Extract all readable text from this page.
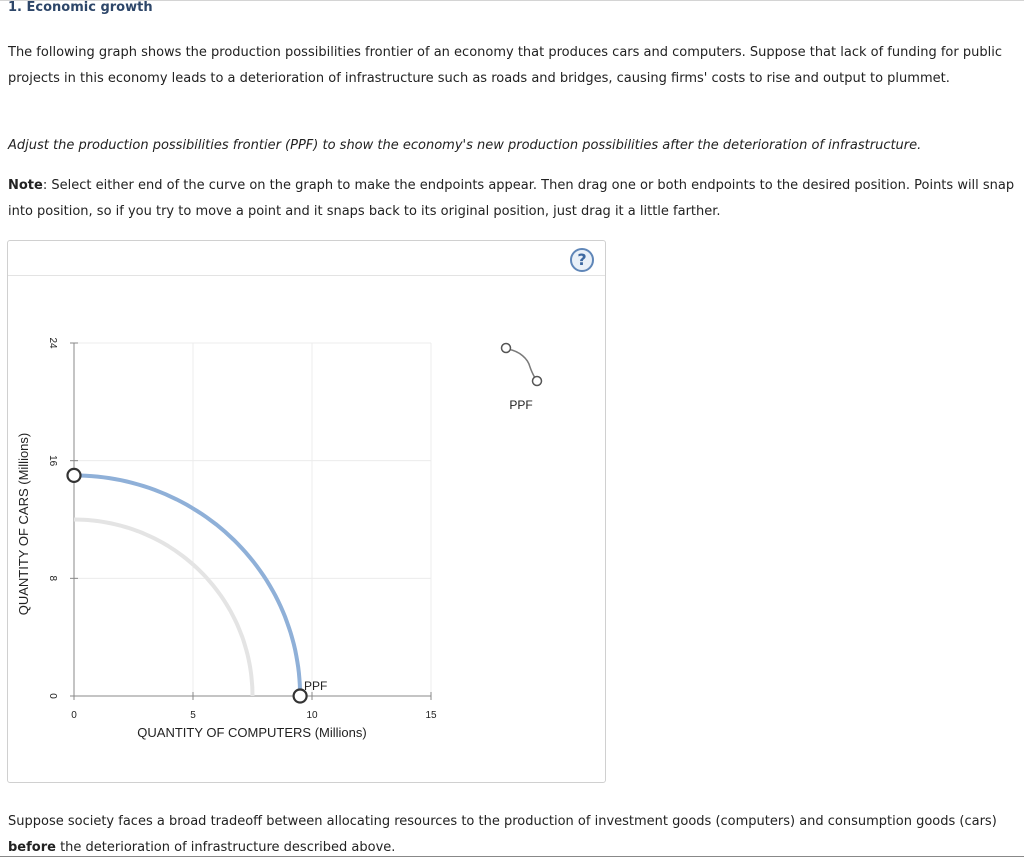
1. Economic growth
The following graph shows the production possibilities frontier of an economy that produces cars and computers. Suppose that lack of funding for public projects in this economy leads to a deterioration of infrastructure such as roads and bridges, causing firms' costs to rise and output to plummet.
Adjust the production possibilities frontier (PPF) to show the economy's new production possibilities after the deterioration of infrastructure.
Note: Select either end of the curve on the graph to make the endpoints appear. Then drag one or both endpoints to the desired position. Points will snap into position, so if you try to move a point and it snaps back to its original position, just drag it a little farther.
?
0	5	10	15
0
8
16
24
PPF
QUANTITY OF COMPUTERS (Millions)
QUANTITY OF CARS (Millions)
PPF
Suppose society faces a broad tradeoff between allocating resources to the production of investment goods (computers) and consumption goods (cars) before the deterioration of infrastructure described above.
